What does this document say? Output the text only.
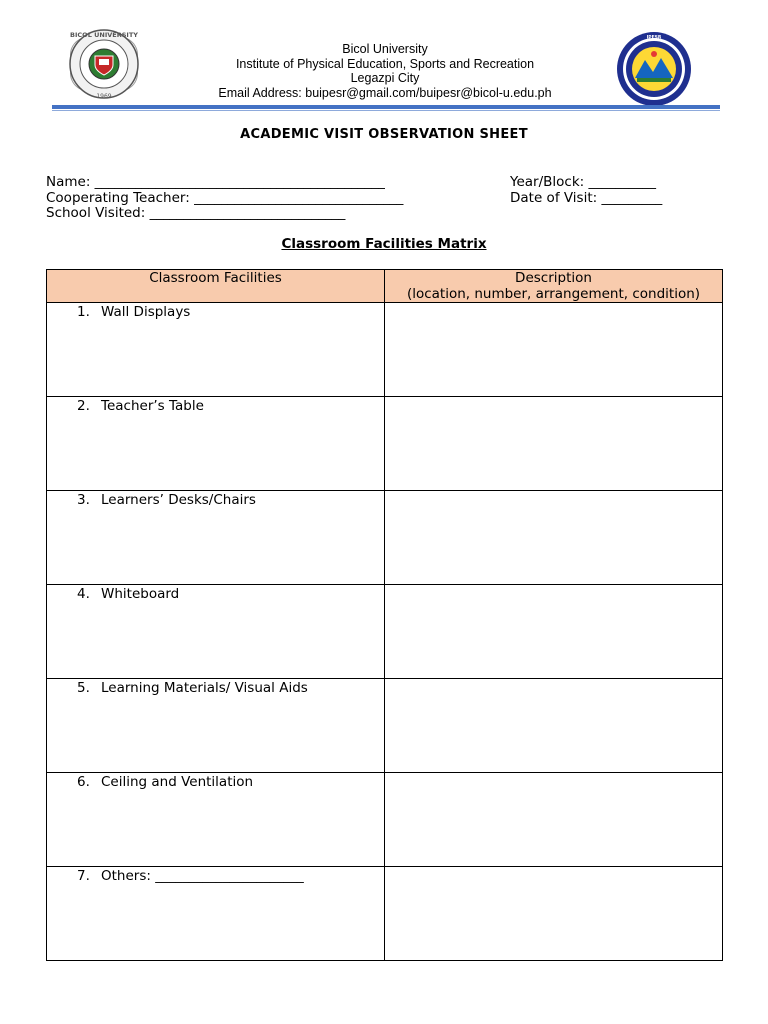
BICOL UNIVERSITY
1969
Bicol University
Institute of Physical Education, Sports and Recreation
Legazpi City
Email Address: buipesr@gmail.com/buipesr@bicol-u.edu.ph
IPESR
ACADEMIC VISIT OBSERVATION SHEET
Name: ___________________________________________
Cooperating Teacher: _______________________________
School Visited: _____________________________
Year/Block: __________
Date of Visit: _________
Classroom Facilities Matrix
Classroom Facilities	Description
(location, number, arrangement, condition)

1. Wall Displays	

2. Teacher’s Table	

3. Learners’ Desks/Chairs	

4. Whiteboard	

5. Learning Materials/ Visual Aids	

6. Ceiling and Ventilation	

7. Others: ______________________	
